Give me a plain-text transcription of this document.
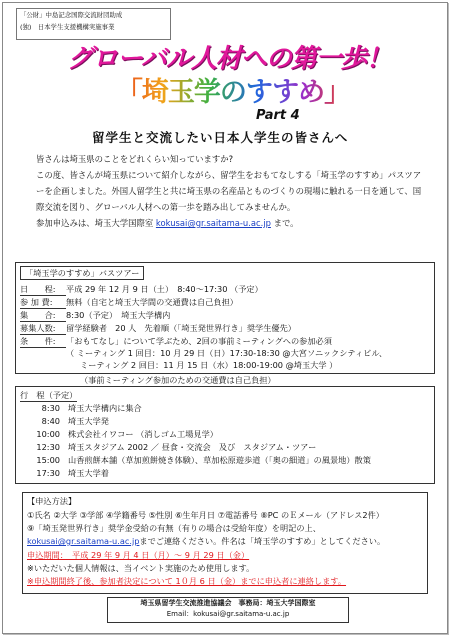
「公財」中島記念国際交流財団助成
(独)　日本学生支援機構実施事業
グローバル人材への第一歩！
「埼玉学のすすめ」
Part 4
留学生と交流したい日本人学生の皆さんへ

皆さんは埼玉県のことをどれくらい知っていますか?

この度、皆さんが埼玉県について紹介しながら、留学生をおもてなしする「埼玉学のすすめ」パスツアーを企画しました。外国人留学生と共に埼玉県の名産品とものづくりの現場に触れる一日を通して、国際交流を図り、グローバル人材への第一歩を踏み出してみませんか。

参加申込みは、埼玉大学国際室 kokusai@gr.saitama-u.ac.jp まで。

「埼玉学のすすめ」バスツアー
日　　程: 平成 29 年 12 月 9 日（土）　8:40～17:30 （予定）
参 加 費: 無料（自宅と埼玉大学間の交通費は自己負担）
集　　合: 8:30（予定）　埼玉大学構内
募集人数: 留学経験者　20 人　先着順（「埼玉発世界行き」奨学生優先）
条　　件: 「おもてなし」について学ぶため、2回の事前ミーティングへの参加必須
（ ミーティング 1 回目：10 月 29 日（日）17:30-18:30 @大宮ソニックシティビル、
ミーティング 2 回目：11 月 15 日（水）18:00-19:00 @埼玉大学 ）
（事前ミーティング参加のための交通費は自己負担）
行　程（予定）
8:30 埼玉大学構内に集合
8:40 埼玉大学発
10:00 株式会社イワコー （消しゴム工場見学）
12:30 埼玉スタジアム 2002 ／ 昼食・交流会　及び　スタジアム・ツアー
15:00 山香煎餅本舗（草加煎餅焼き体験）、草加松原遊歩道（「奥の細道」の風景地）散策
17:30 埼玉大学着
【申込方法】
①氏名 ②大学 ③学部 ④学籍番号 ⑤性別 ⑥生年月日 ⑦電話番号 ⑧PC のＥメール（アドレス2件）
⑨「埼玉発世界行き」奨学金受給の有無（有りの場合は受給年度）を明記の上、
kokusai@gr.saitama-u.ac.jpまでご連絡ください。件名は「埼玉学のすすめ」としてください。
申込期間：　平成 29 年 9 月 4 日（月）～ 9 月 29 日（金）
※いただいた個人情報は、当イベント実施のため使用します。
※申込期間終了後、参加者決定について 1０月 6 日（金）までに申込者に連絡します。
埼玉県留学生交流推進協議会　事務局：埼玉大学国際室
Email：kokusai@gr.saitama-u.ac.jp
